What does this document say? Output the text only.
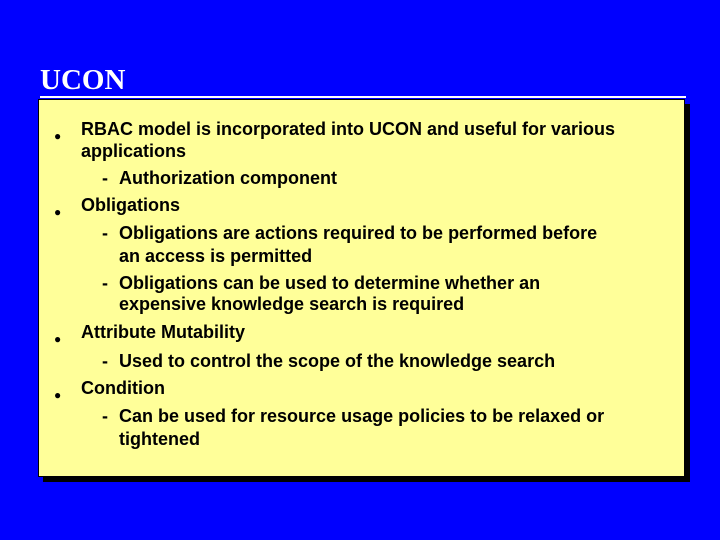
UCON
● RBAC model is incorporated into UCON and useful for various
applications
- Authorization component
● Obligations
- Obligations are actions required to be performed before
an access is permitted
- Obligations can be used to determine whether an
expensive knowledge search is required
● Attribute Mutability
- Used to control the scope of the knowledge search
● Condition
- Can be used for resource usage policies to be relaxed or
tightened
